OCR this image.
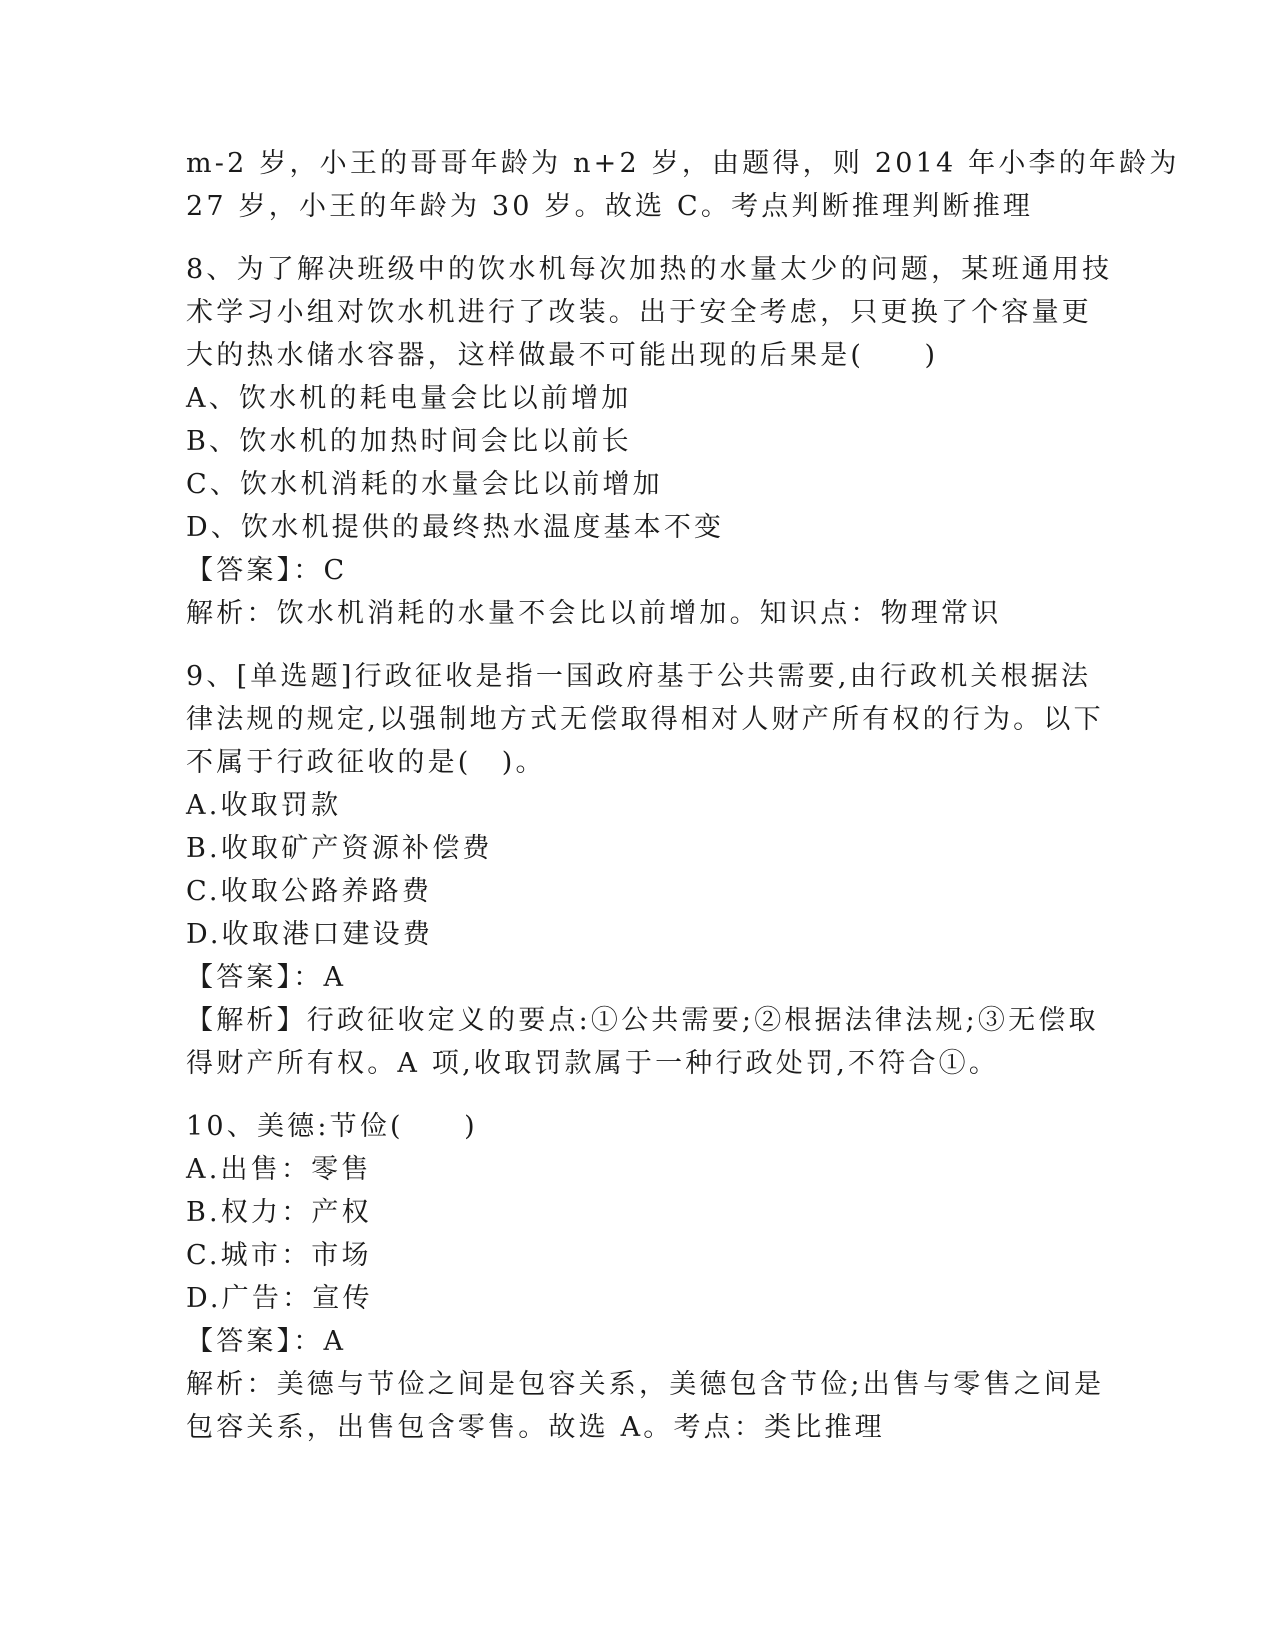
m-2 岁，小王的哥哥年龄为 n+2 岁，由题得，则 2014 年小李的年龄为
27 岁，小王的年龄为 30 岁。故选 C。考点判断推理判断推理
8、为了解决班级中的饮水机每次加热的水量太少的问题，某班通用技
术学习小组对饮水机进行了改装。出于安全考虑，只更换了个容量更
大的热水储水容器，这样做最不可能出现的后果是(　　)
A、饮水机的耗电量会比以前增加
B、饮水机的加热时间会比以前长
C、饮水机消耗的水量会比以前增加
D、饮水机提供的最终热水温度基本不变
【答案】：C
解析：饮水机消耗的水量不会比以前增加。知识点：物理常识
9、[单选题]行政征收是指一国政府基于公共需要,由行政机关根据法
律法规的规定,以强制地方式无偿取得相对人财产所有权的行为。以下
不属于行政征收的是(　)。
A.收取罚款
B.收取矿产资源补偿费
C.收取公路养路费
D.收取港口建设费
【答案】：A
【解析】行政征收定义的要点:①公共需要;②根据法律法规;③无偿取
得财产所有权。A 项,收取罚款属于一种行政处罚,不符合①。
10、美德:节俭(　　)
A.出售：零售
B.权力：产权
C.城市：市场
D.广告：宣传
【答案】：A
解析：美德与节俭之间是包容关系，美德包含节俭;出售与零售之间是
包容关系，出售包含零售。故选 A。考点：类比推理
